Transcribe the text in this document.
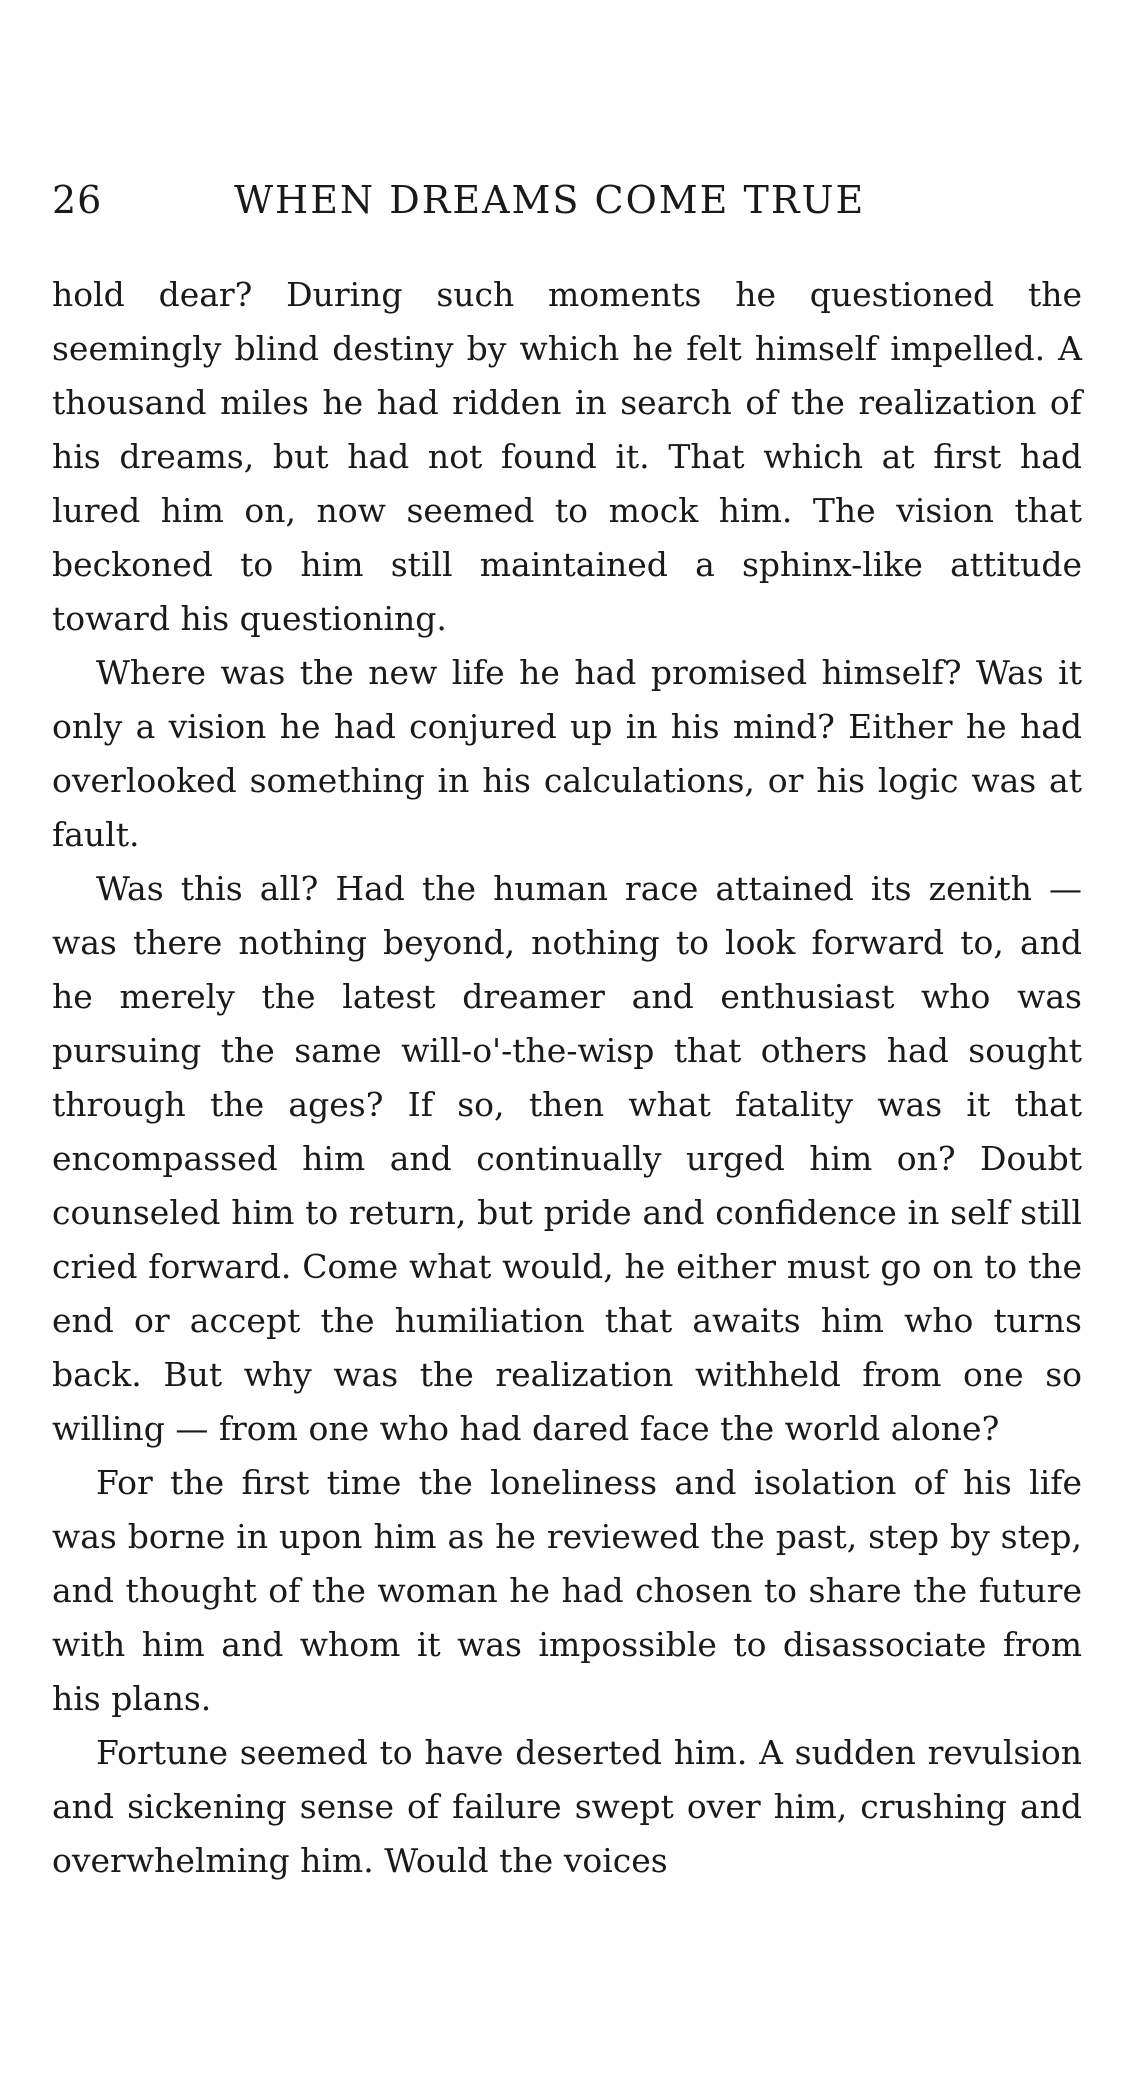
26	WHEN DREAMS COME TRUE

hold dear? During such moments he questioned the seemingly blind destiny by which he felt himself impelled. A thousand miles he had ridden in search of the realization of his dreams, but had not found it. That which at first had lured him on, now seemed to mock him. The vision that beckoned to him still maintained a sphinx-like attitude toward his questioning.

Where was the new life he had promised himself? Was it only a vision he had conjured up in his mind? Either he had overlooked something in his calculations, or his logic was at fault.

Was this all? Had the human race attained its zenith — was there nothing beyond, nothing to look forward to, and he merely the latest dreamer and enthusiast who was pursuing the same will-o'-the-wisp that others had sought through the ages? If so, then what fatality was it that encompassed him and continually urged him on? Doubt counseled him to return, but pride and confidence in self still cried forward. Come what would, he either must go on to the end or accept the humiliation that awaits him who turns back. But why was the realization withheld from one so willing — from one who had dared face the world alone?

For the first time the loneliness and isolation of his life was borne in upon him as he reviewed the past, step by step, and thought of the woman he had chosen to share the future with him and whom it was impossible to disassociate from his plans.

Fortune seemed to have deserted him. A sudden revulsion and sickening sense of failure swept over him, crushing and overwhelming him. Would the voices
